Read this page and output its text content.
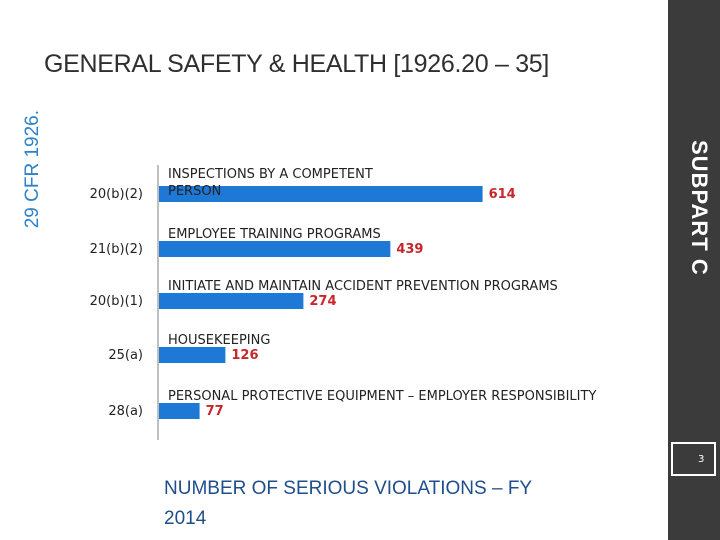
GENERAL SAFETY & HEALTH [1926.20 – 35]
29 CFR 1926.	20(b)(2)
INSPECTIONS BY A COMPETENT PERSON	614
21(b)(2)
EMPLOYEE TRAINING PROGRAMS
439
20(b)(1)
INITIATE AND MAINTAIN ACCIDENT PREVENTION PROGRAMS
274
25(a)
HOUSEKEEPING
126
28(a)
PERSONAL PROTECTIVE EQUIPMENT – EMPLOYER RESPONSIBILITY
77
NUMBER OF SERIOUS VIOLATIONS – FY 2014
SUBPART C
3
